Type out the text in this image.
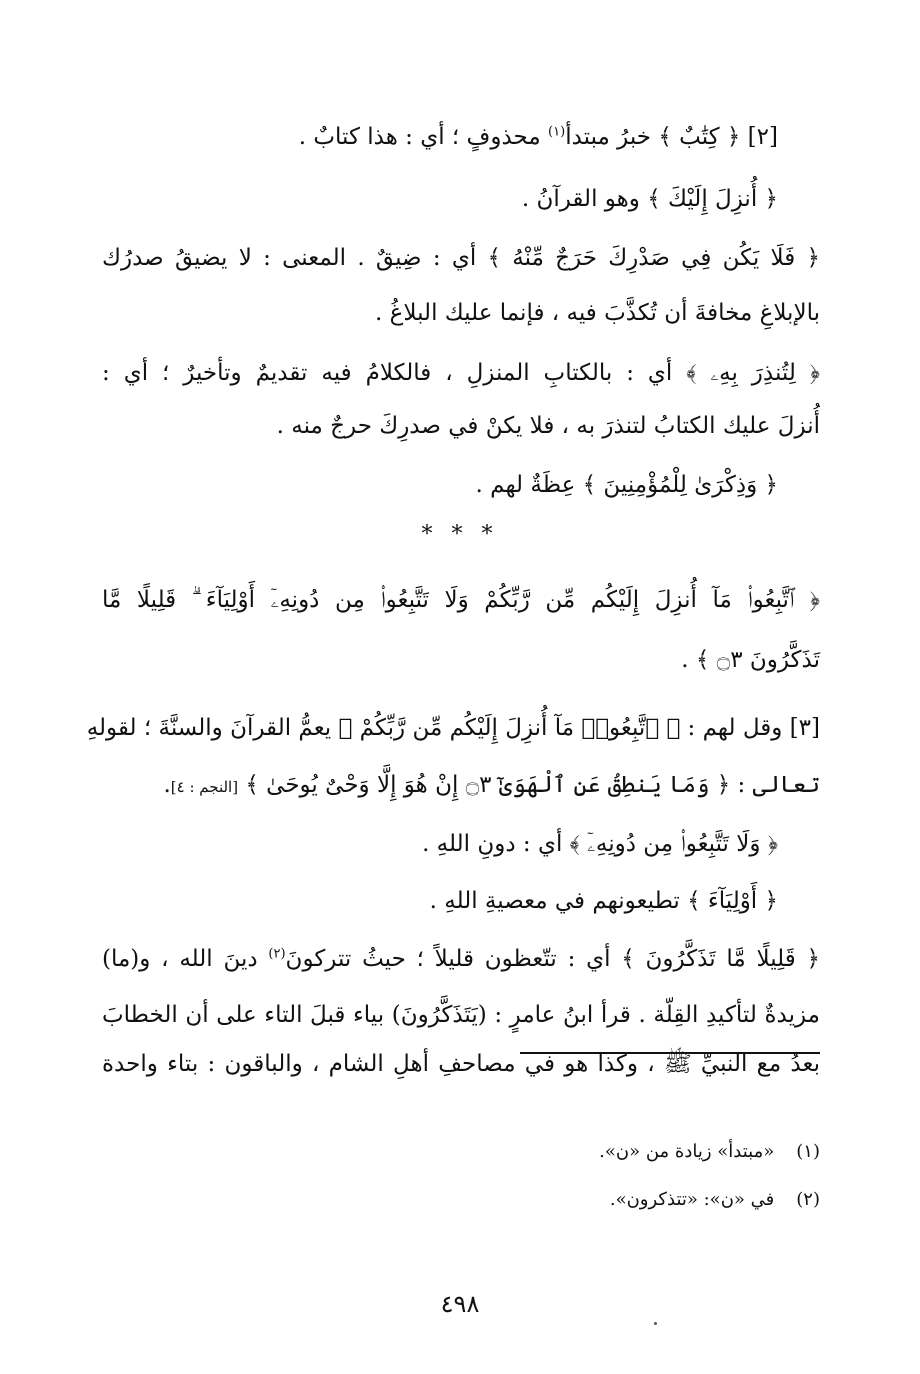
[٢] ﴿ كِتَٰبٌ ﴾ خبرُ مبتدأ$^{(١)}$ محذوفٍ ؛ أي : هذا كتابٌ .
﴿ أُنزِلَ إِلَيْكَ ﴾ وهو القرآنُ .
﴿ فَلَا يَكُن فِي صَدْرِكَ حَرَجٌ مِّنْهُ ﴾ أي : ضِيقٌ . المعنى : لا يضيقُ صدرُك
بالإبلاغِ مخافةَ أن تُكذَّبَ فيه ، فإنما عليك البلاغُ .
﴿ لِتُنذِرَ بِهِۦ ﴾ أي : بالكتابِ المنزلِ ، فالكلامُ فيه تقديمٌ وتأخيرٌ ؛ أي :
أُنزلَ عليك الكتابُ لتنذرَ به ، فلا يكنْ في صدرِكَ حرجٌ منه .
﴿ وَذِكْرَىٰ لِلْمُؤْمِنِينَ ﴾ عِظَةٌ لهم .
* * *
﴿ ٱتَّبِعُوا۟ مَآ أُنزِلَ إِلَيْكُم مِّن رَّبِّكُمْ وَلَا تَتَّبِعُوا۟ مِن دُونِهِۦٓ أَوْلِيَآءَ ۗ قَلِيلًا مَّا
تَذَكَّرُونَ ۝٣ ﴾ .
[٣] وقل لهم : ﴿ ٱتَّبِعُوا۟ مَآ أُنزِلَ إِلَيْكُم مِّن رَّبِّكُمْ ﴾ يعمُّ القرآنَ والسنَّةَ ؛ لقولهِ
تعالى : ﴿ وَمَا يَنطِقُ عَنِ ٱلْهَوَىٰٓ ۝٣ إِنْ هُوَ إِلَّا وَحْىٌ يُوحَىٰ ﴾ [النجم : ٤].
﴿ وَلَا تَتَّبِعُوا۟ مِن دُونِهِۦٓ ﴾ أي : دونِ اللهِ .
﴿ أَوْلِيَآءَ ﴾ تطيعونهم في معصيةِ اللهِ .
﴿ قَلِيلًا مَّا تَذَكَّرُونَ ﴾ أي : تتّعظون قليلاً ؛ حيثُ تتركونَ$^{(٢)}$ دينَ الله ، و(ما)
مزيدةٌ لتأكيدِ القِلّة . قرأ ابنُ عامرٍ : (يَتَذَكَّرُونَ) بياء قبلَ التاء على أن الخطابَ
بعدُ مع النبيِّ ﷺ ، وكذا هو في مصاحفِ أهلِ الشام ، والباقون : بتاء واحدة
(١)«مبتدأ» زيادة من «ن».
(٢)في «ن»: «تتذكرون».
٤٩٨
